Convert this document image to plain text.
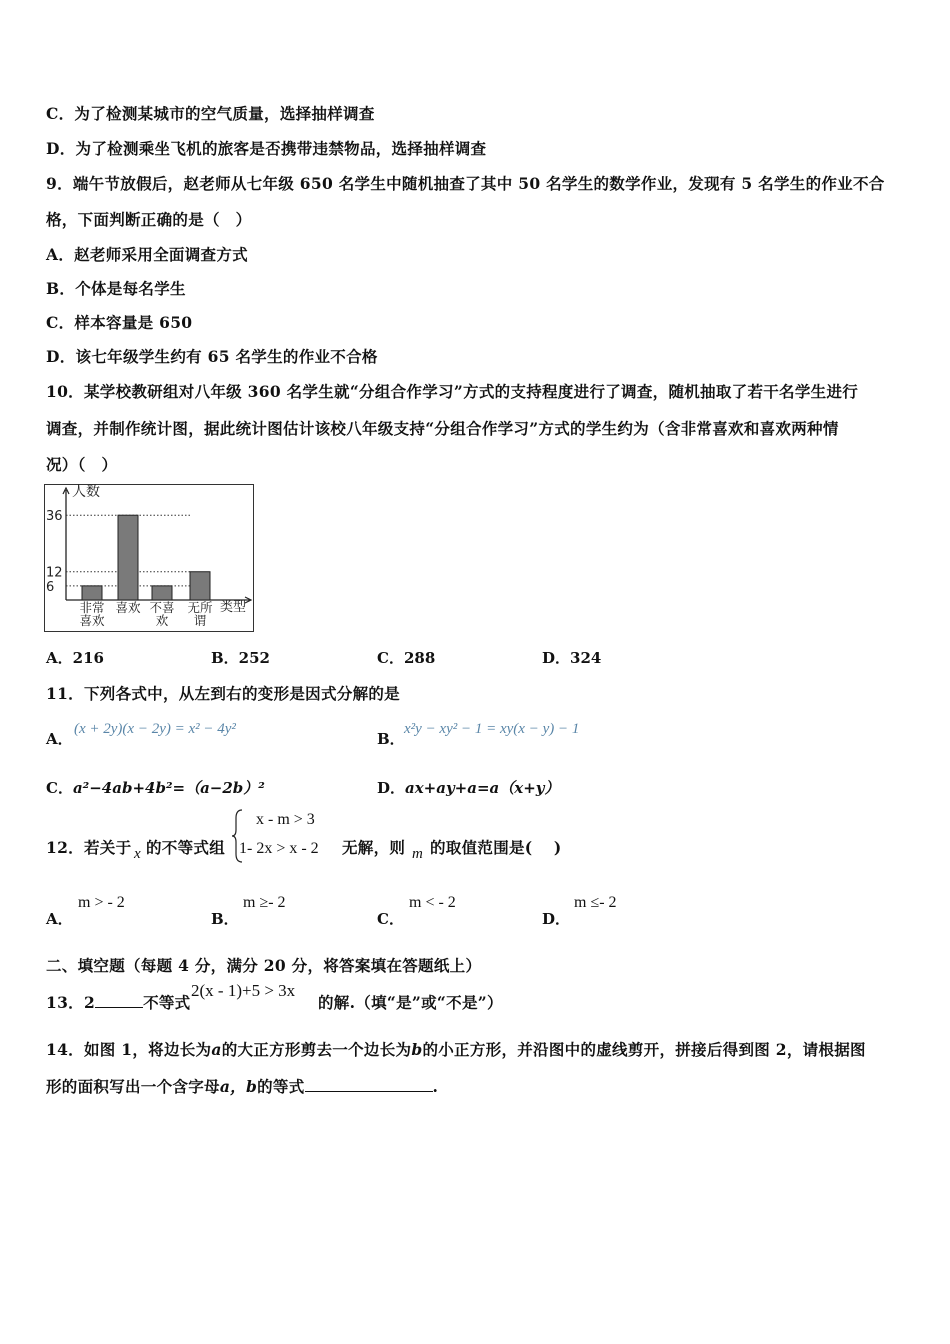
C．为了检测某城市的空气质量，选择抽样调查
D．为了检测乘坐飞机的旅客是否携带违禁物品，选择抽样调查
9．端午节放假后，赵老师从七年级 650 名学生中随机抽查了其中 50 名学生的数学作业，发现有 5 名学生的作业不合
格，下面判断正确的是（　）
A．赵老师采用全面调查方式
B．个体是每名学生
C．样本容量是 650
D．该七年级学生约有 65 名学生的作业不合格
10．某学校教研组对八年级 360 名学生就“分组合作学习”方式的支持程度进行了调查，随机抽取了若干名学生进行
调查，并制作统计图，据此统计图估计该校八年级支持“分组合作学习”方式的学生约为（含非常喜欢和喜欢两种情
况）（　）
人数
类型
36
12
6
非常
喜欢
喜欢 不喜
欢
无所
谓
A．216	B．252	C．288	D．324
11．下列各式中，从左到右的变形是因式分解的是
A．
(x + 2y)(x − 2y) = x² − 4y²
B．
x²y − xy² − 1 = xy(x − y) − 1
C．a²−4ab+4b²=（a−2b）²	D．ax+ay+a=a（x+y）
12．若关于 x 的不等式组
x - m > 3
1- 2x > x - 2 无解，则 m 的取值范围是(　 )
A．
m > - 2
B．
m ≥- 2
C．
m < - 2
D．
m ≤- 2
二、填空题（每题 4 分，满分 20 分，将答案填在答题纸上）
13．2	不等式
2(x - 1)+5 > 3x
的解.（填“是”或“不是”）
14．如图 1，将边长为a的大正方形剪去一个边长为b的小正方形，并沿图中的虚线剪开，拼接后得到图 2，请根据图
形的面积写出一个含字母a，b的等式	.
